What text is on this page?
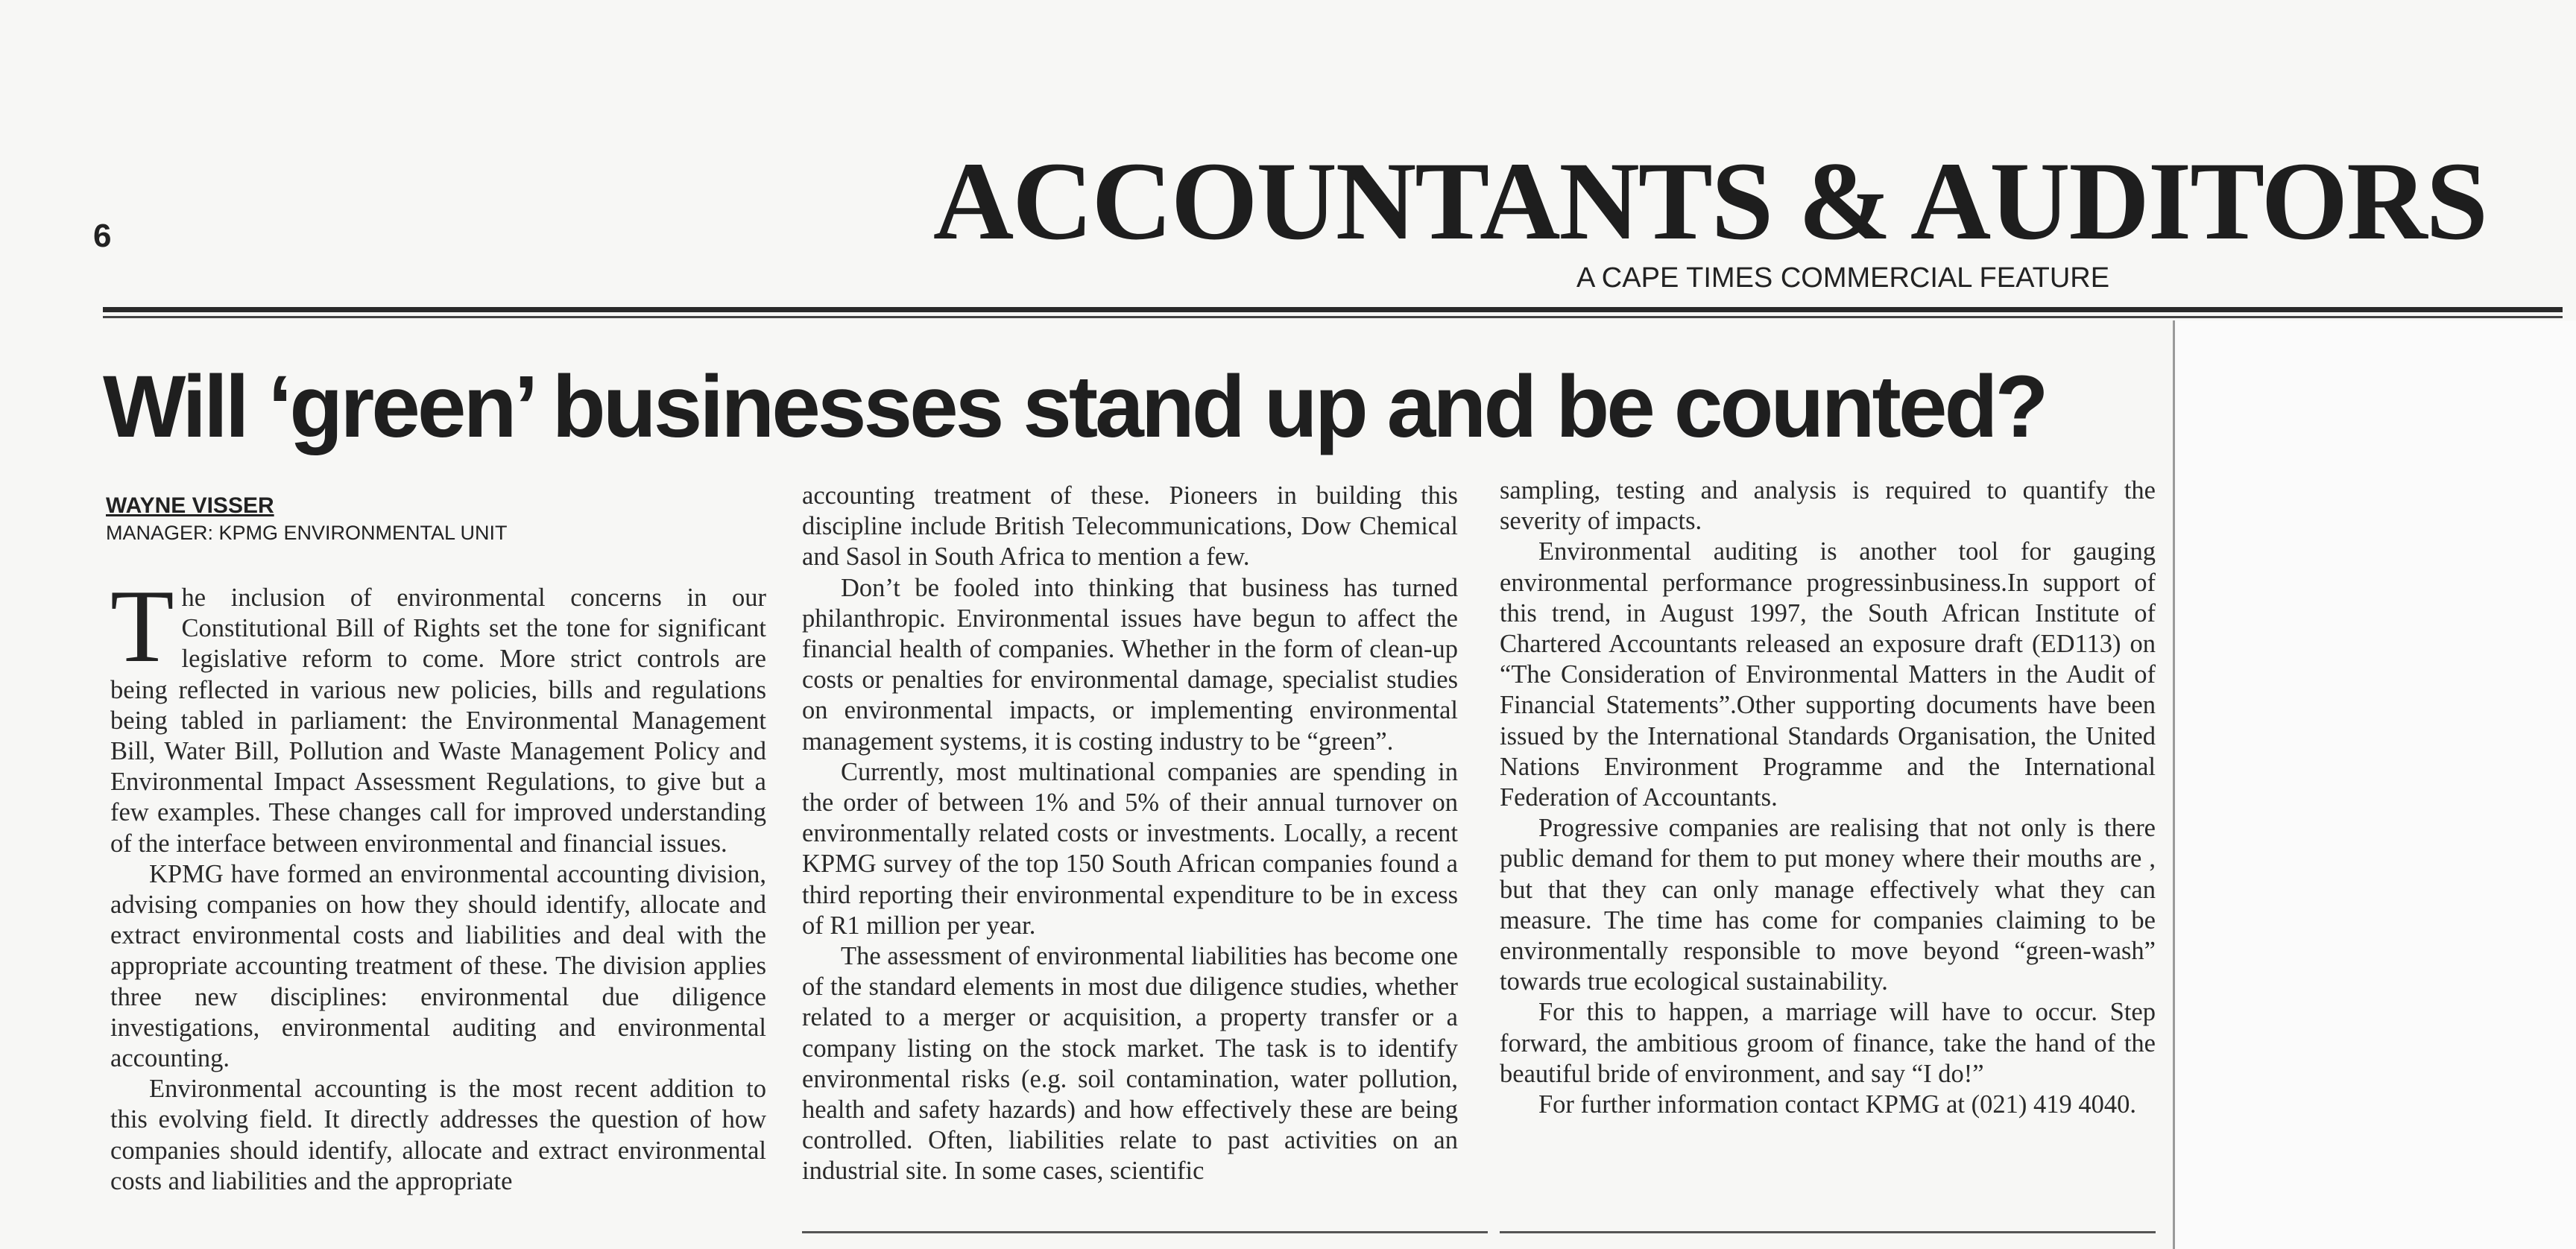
6	ACCOUNTANTS & AUDITORS
A CAPE TIMES COMMERCIAL FEATURE
Will ‘green’ businesses stand up and be counted?
WAYNE VISSER
MANAGER: KPMG ENVIRONMENTAL UNIT

The inclusion of environmental concerns in our Constitutional Bill of Rights set the tone for significant legislative reform to come. More strict controls are being reflected in various new policies, bills and regulations being tabled in parliament: the Environmental Management Bill, Water Bill, Pollution and Waste Management Policy and Environmental Impact Assessment Regulations, to give but a few examples. These changes call for improved understanding of the interface between environmental and financial issues.

KPMG have formed an environmental accounting division, advising companies on how they should identify, allocate and extract environmental costs and liabilities and deal with the appropriate accounting treatment of these. The division applies three new disciplines: environmental due diligence investigations, environmental auditing and environmental accounting.

Environmental accounting is the most recent addition to this evolving field. It directly addresses the question of how companies should identify, allocate and extract environmental costs and liabilities and the appropriate

accounting treatment of these. Pioneers in building this discipline include British Telecommunications, Dow Chemical and Sasol in South Africa to mention a few.

Don’t be fooled into thinking that business has turned philanthropic. Environmental issues have begun to affect the financial health of companies. Whether in the form of clean-up costs or penalties for environmental damage, specialist studies on environmental impacts, or implementing environmental management systems, it is costing industry to be “green”.

Currently, most multinational companies are spending in the order of between 1% and 5% of their annual turnover on environmentally related costs or investments. Locally, a recent KPMG survey of the top 150 South African companies found a third reporting their environmental expenditure to be in excess of R1 million per year.

The assessment of environmental liabilities has become one of the standard elements in most due diligence studies, whether related to a merger or acquisition, a property transfer or a company listing on the stock market. The task is to identify environmental risks (e.g. soil contamination, water pollution, health and safety hazards) and how effectively these are being controlled. Often, liabilities relate to past activities on an industrial site. In some cases, scientific

sampling, testing and analysis is required to quantify the severity of impacts.

Environmental auditing is another tool for gauging environmental performance progressinbusiness.In support of this trend, in August 1997, the South African Institute of Chartered Accountants released an exposure draft (ED113) on “The Consideration of Environmental Matters in the Audit of Financial Statements”.Other supporting documents have been issued by the International Standards Organisation, the United Nations Environment Programme and the International Federation of Accountants.

Progressive companies are realising that not only is there public demand for them to put money where their mouths are , but that they can only manage effectively what they can measure. The time has come for companies claiming to be environmentally responsible to move beyond “green-wash” towards true ecological sustainability.

For this to happen, a marriage will have to occur. Step forward, the ambitious groom of finance, take the hand of the beautiful bride of environment, and say “I do!”

For further information contact KPMG at (021) 419 4040.
